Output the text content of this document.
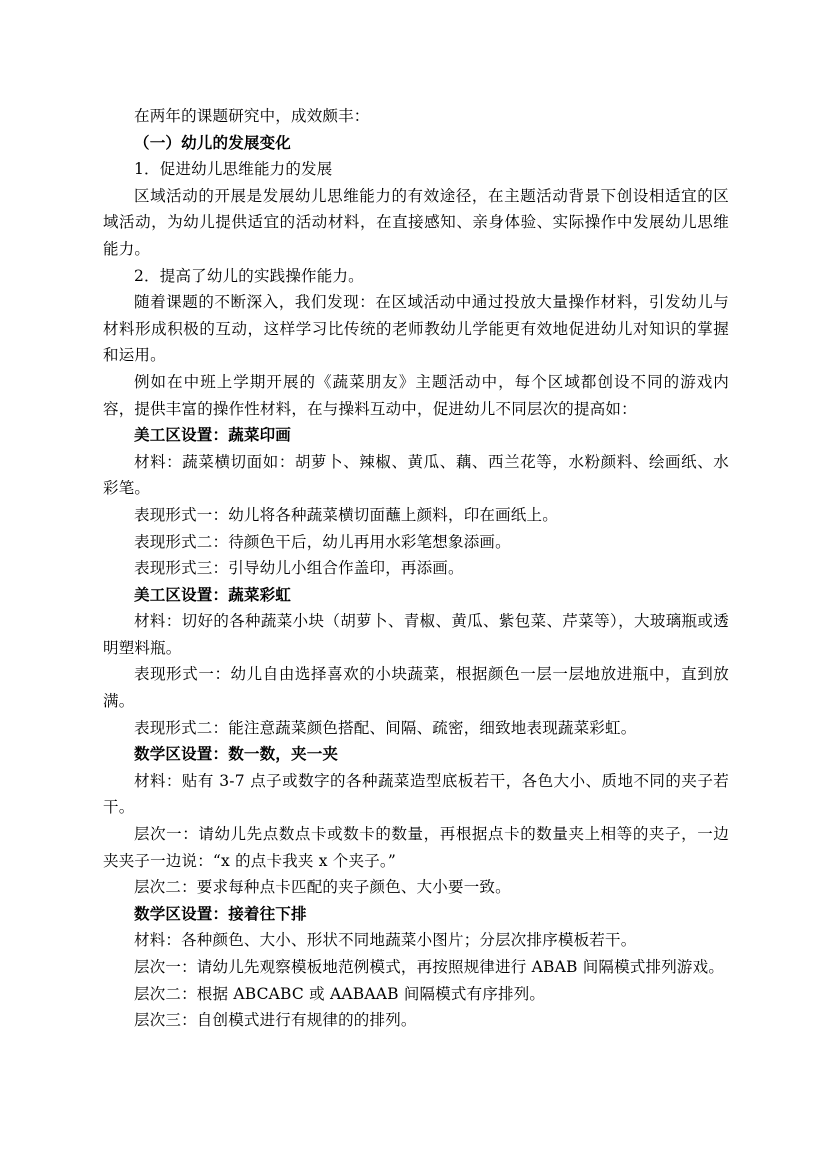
在两年的课题研究中，成效颇丰：

（一）幼儿的发展变化

1．促进幼儿思维能力的发展

区域活动的开展是发展幼儿思维能力的有效途径，在主题活动背景下创设相适宜的区域活动，为幼儿提供适宜的活动材料，在直接感知、亲身体验、实际操作中发展幼儿思维能力。

2．提高了幼儿的实践操作能力。

随着课题的不断深入，我们发现：在区域活动中通过投放大量操作材料，引发幼儿与材料形成积极的互动，这样学习比传统的老师教幼儿学能更有效地促进幼儿对知识的掌握和运用。

例如在中班上学期开展的《蔬菜朋友》主题活动中，每个区域都创设不同的游戏内容，提供丰富的操作性材料，在与操料互动中，促进幼儿不同层次的提高如：

美工区设置：蔬菜印画

材料：蔬菜横切面如：胡萝卜、辣椒、黄瓜、藕、西兰花等，水粉颜料、绘画纸、水彩笔。

表现形式一：幼儿将各种蔬菜横切面蘸上颜料，印在画纸上。

表现形式二：待颜色干后，幼儿再用水彩笔想象添画。

表现形式三：引导幼儿小组合作盖印，再添画。

美工区设置：蔬菜彩虹

材料：切好的各种蔬菜小块（胡萝卜、青椒、黄瓜、紫包菜、芹菜等），大玻璃瓶或透明塑料瓶。

表现形式一：幼儿自由选择喜欢的小块蔬菜，根据颜色一层一层地放进瓶中，直到放满。

表现形式二：能注意蔬菜颜色搭配、间隔、疏密，细致地表现蔬菜彩虹。

数学区设置：数一数，夹一夹

材料：贴有 3-7 点子或数字的各种蔬菜造型底板若干，各色大小、质地不同的夹子若干。

层次一：请幼儿先点数点卡或数卡的数量，再根据点卡的数量夹上相等的夹子，一边夹夹子一边说：“x 的点卡我夹 x 个夹子。”

层次二：要求每种点卡匹配的夹子颜色、大小要一致。

数学区设置：接着往下排

材料：各种颜色、大小、形状不同地蔬菜小图片；分层次排序模板若干。

层次一：请幼儿先观察模板地范例模式，再按照规律进行 ABAB 间隔模式排列游戏。

层次二：根据 ABCABC 或 AABAAB 间隔模式有序排列。

层次三：自创模式进行有规律的的排列。
